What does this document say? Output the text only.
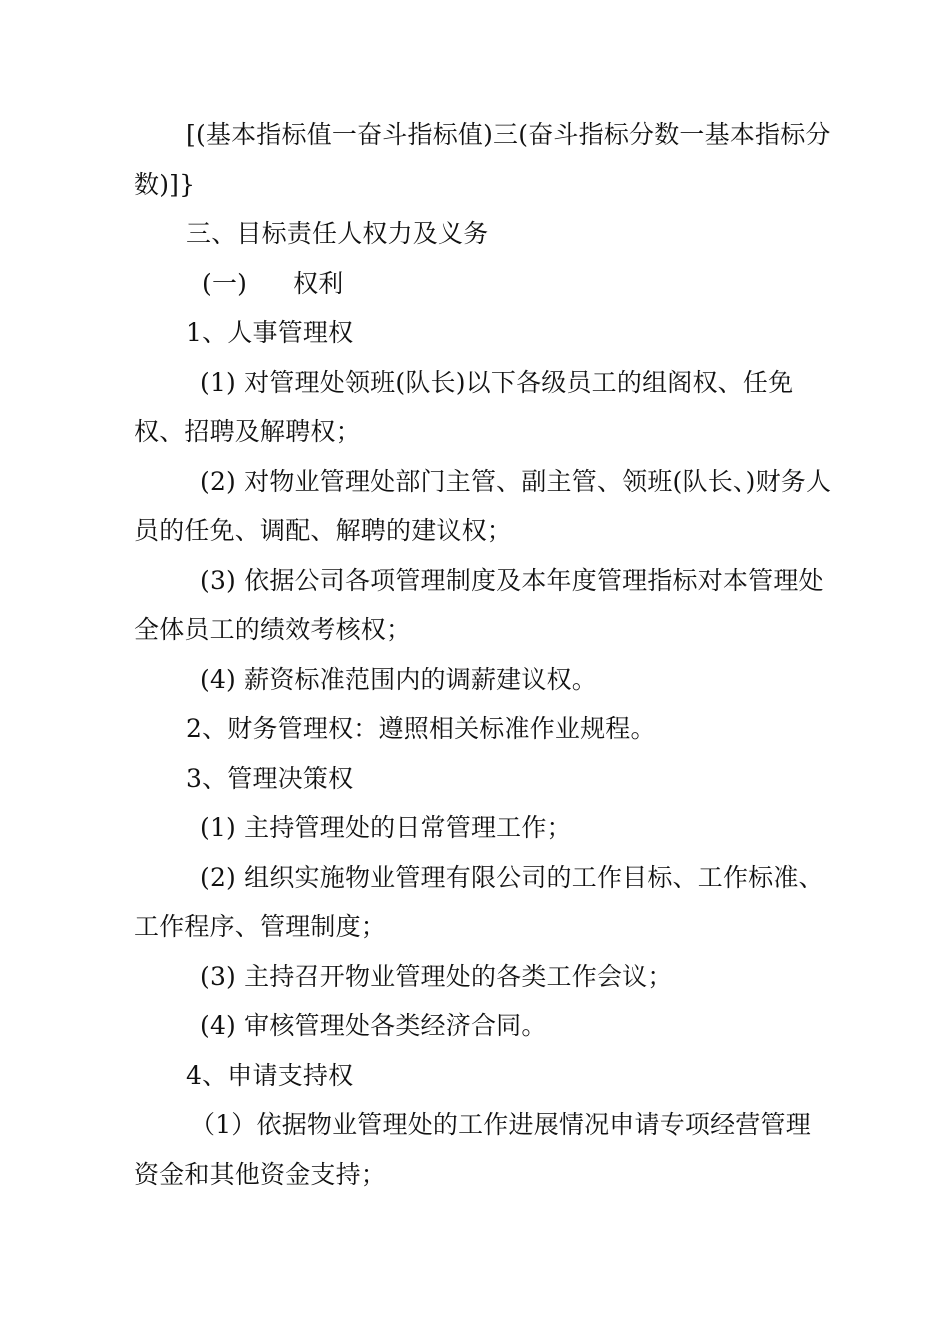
[(基本指标值一奋斗指标值)三(奋斗指标分数一基本指标分数)]}

三、目标责任人权力及义务

(一) 权利

1、人事管理权

(1) 对管理处领班(队长)以下各级员工的组阁权、任免权、招聘及解聘权；

(2) 对物业管理处部门主管、副主管、领班(队长、)财务人员的任免、调配、解聘的建议权；

(3) 依据公司各项管理制度及本年度管理指标对本管理处全体员工的绩效考核权；

(4) 薪资标准范围内的调薪建议权。

2、财务管理权：遵照相关标准作业规程。

3、管理决策权

(1) 主持管理处的日常管理工作；

(2) 组织实施物业管理有限公司的工作目标、工作标准、工作程序、管理制度；

(3) 主持召开物业管理处的各类工作会议；

(4) 审核管理处各类经济合同。

4、申请支持权

（1）依据物业管理处的工作进展情况申请专项经营管理资金和其他资金支持；
